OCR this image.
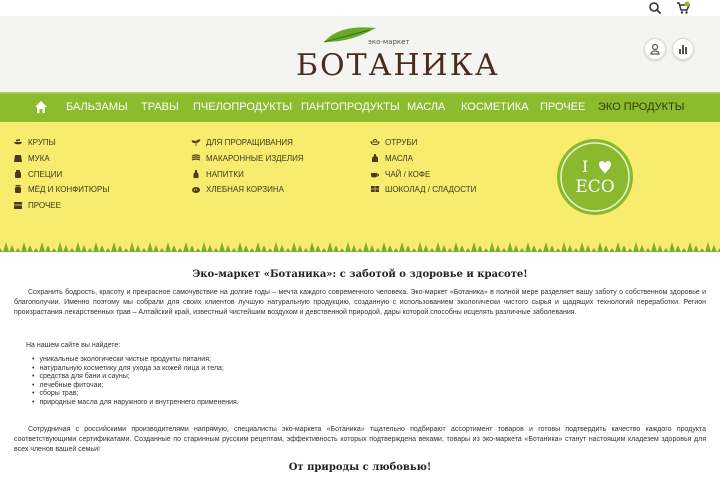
эко-маркет
БОТАНИКА
БАЛЬЗАМЫ ТРАВЫ ПЧЕЛОПРОДУКТЫ ПАНТОПРОДУКТЫ МАСЛА КОСМЕТИКА ПРОЧЕЕ ЭКО ПРОДУКТЫ
КРУПЫ
МУКА
СПЕЦИИ
МЁД И КОНФИТЮРЫ
ПРОЧЕЕ
ДЛЯ ПРОРАЩИВАНИЯ
МАКАРОННЫЕ ИЗДЕЛИЯ
НАПИТКИ
ХЛЕБНАЯ КОРЗИНА
ОТРУБИ
МАСЛА
ЧАЙ / КОФЕ
ШОКОЛАД / СЛАДОСТИ
I
ECO
Эко-маркет «Ботаника»: с заботой о здоровье и красоте!

Сохранить бодрость, красоту и прекрасное самочувствие на долгие годы – мечта каждого современного человека. Эко-маркет «Ботаника» в полной мере разделяет вашу заботу о собственном здоровье и благополучии. Именно поэтому мы собрали для своих клиентов лучшую натуральную продукцию, созданную с использованием экологически чистого сырья и щадящих технологий переработки. Регион произрастания лекарственных трав – Алтайский край, известный чистейшим воздухом и девственной природой, дары которой способны исцелять различные заболевания.

На нашем сайте вы найдете:

• уникальные экологически чистые продукты питания;
• натуральную косметику для ухода за кожей лица и тела;
• средства для бани и сауны;
• лечебные фиточаи;
• сборы трав;
• природные масла для наружного и внутреннего применения.

Сотрудничая с российскими производителями напрямую, специалисты эко-маркета «Ботаника» тщательно подбирают ассортимент товаров и готовы подтвердить качество каждого продукта соответствующими сертификатами. Созданные по старинным русским рецептам, эффективность которых подтверждена веками, товары из эко-маркета «Ботаника» станут настоящим кладезем здоровья для всех членов вашей семьи!

От природы с любовью!
